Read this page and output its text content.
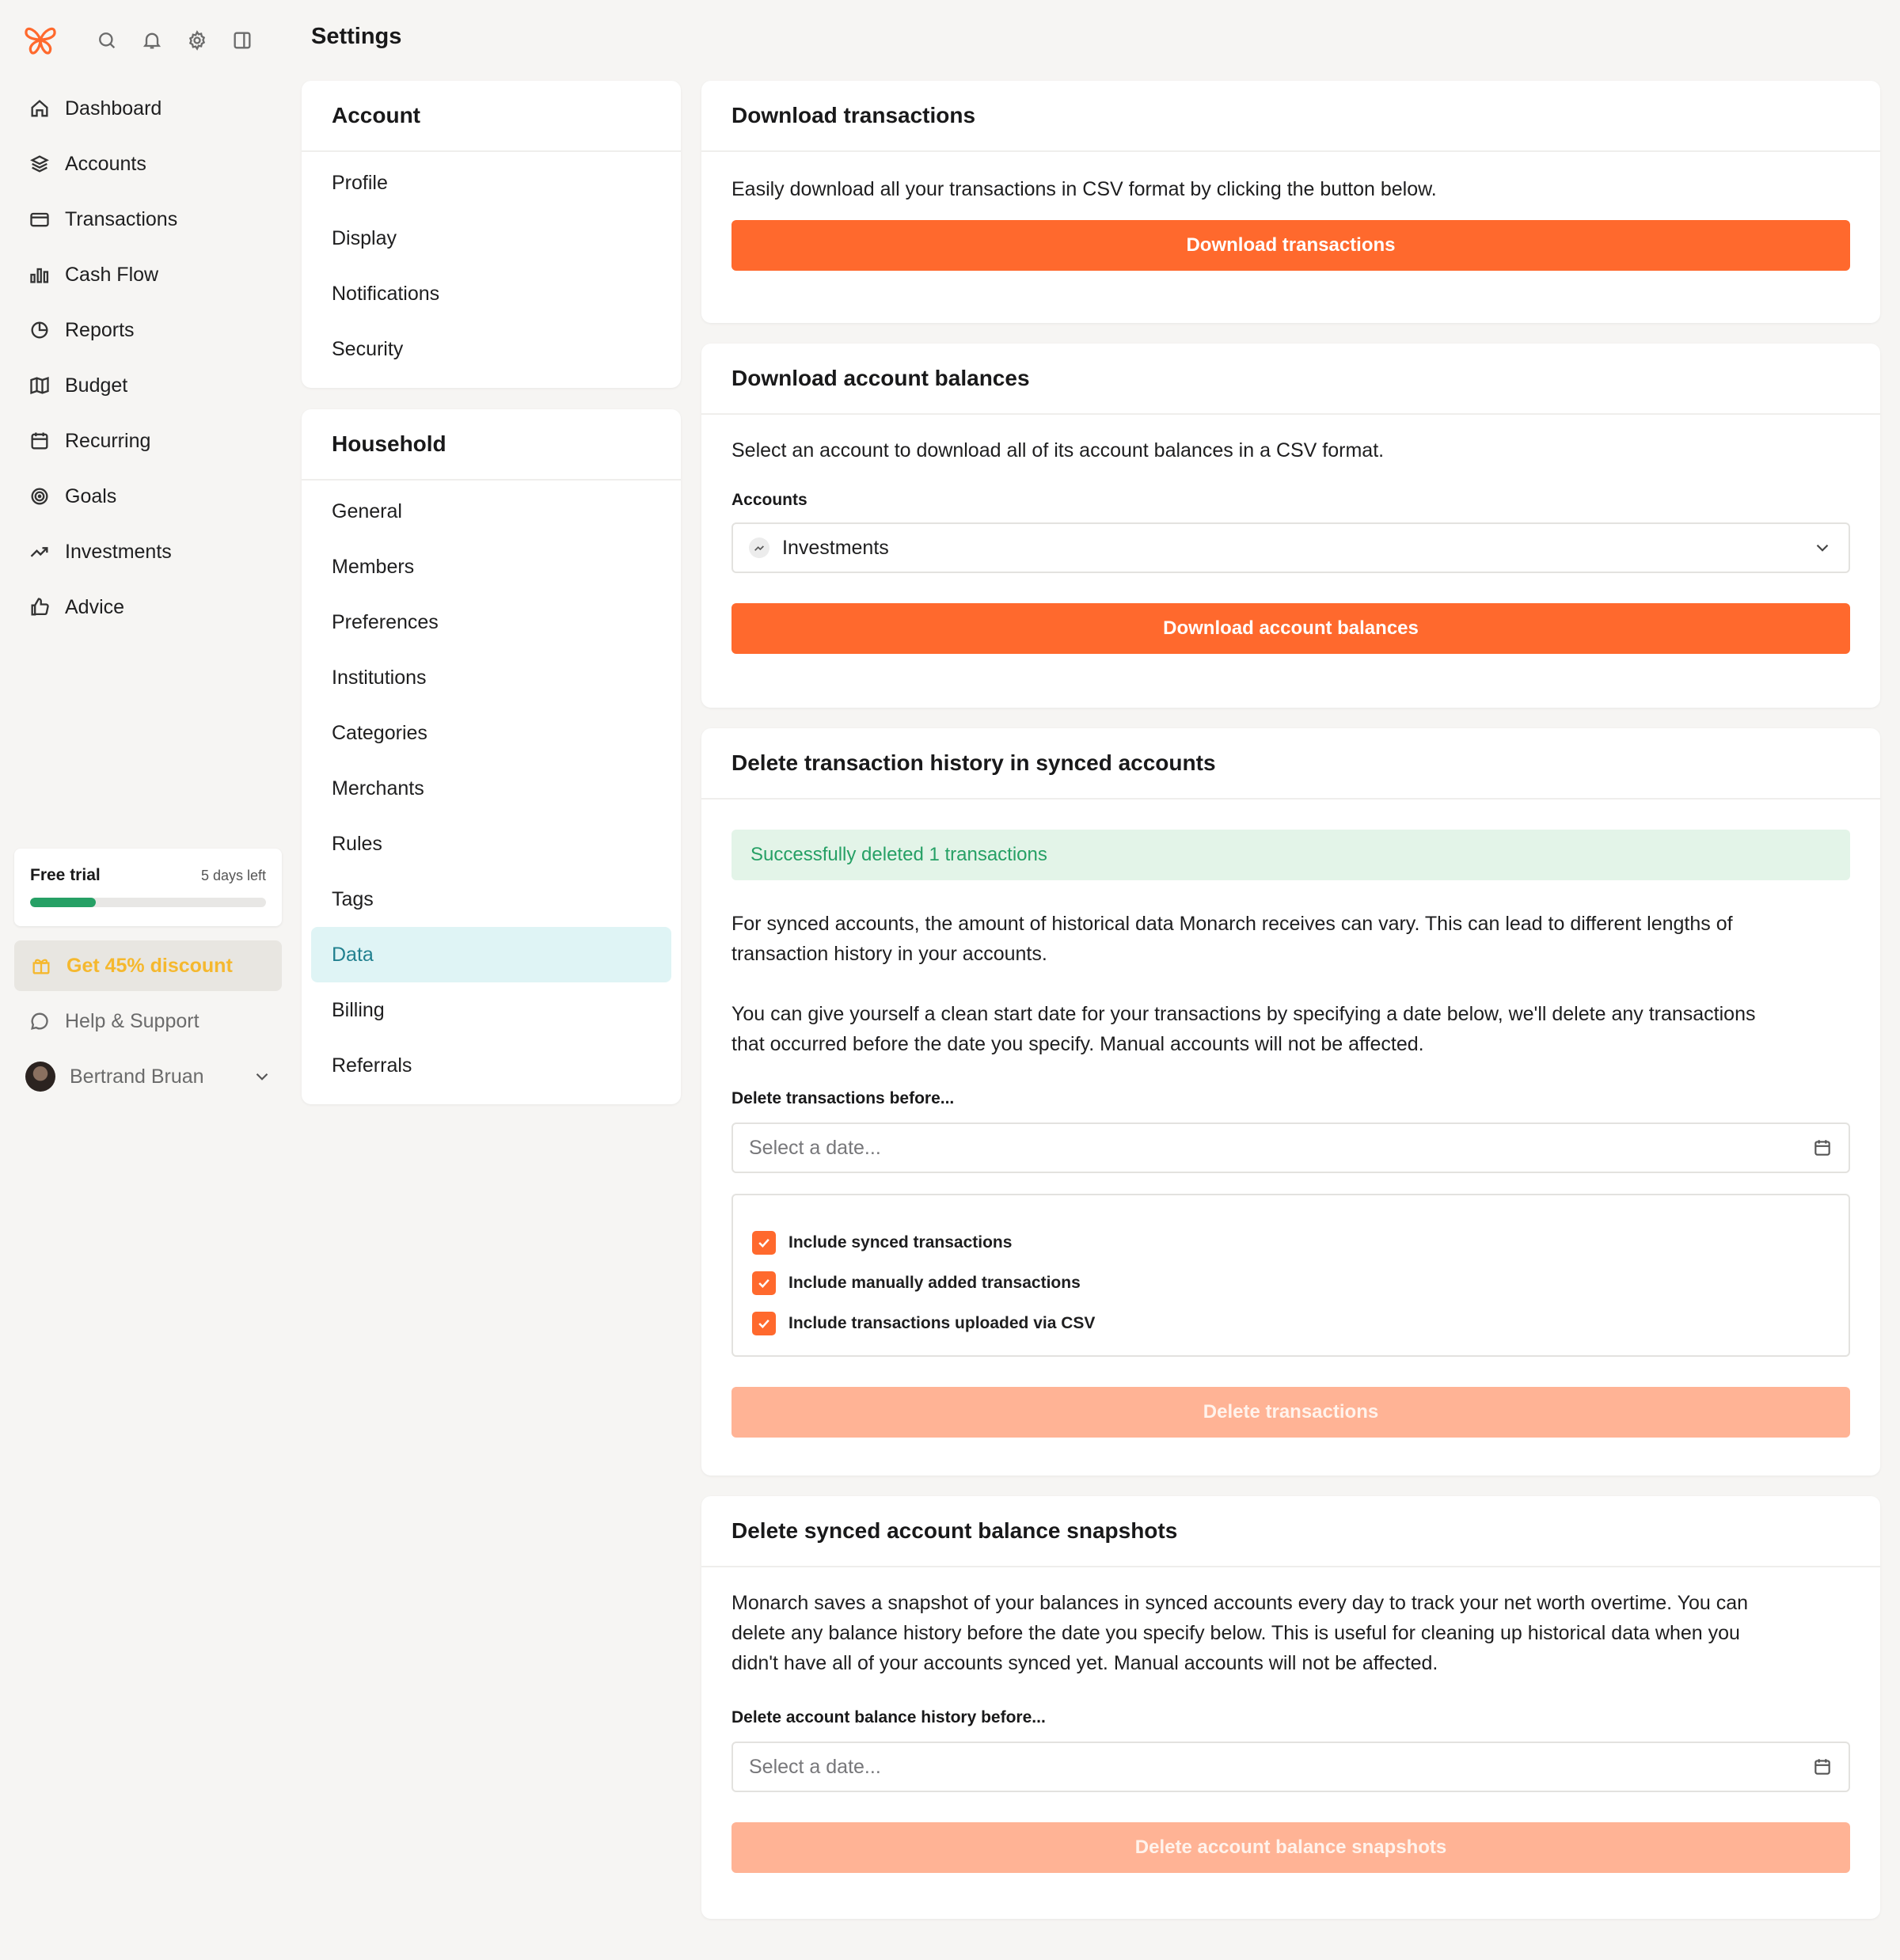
Dashboard
Accounts
Transactions
Cash Flow
Reports
Budget
Recurring
Goals
Investments
Advice
Free trial	5 days left
Get 45% discount
Help & Support
Bertrand Bruan
Settings
Account
Profile
Display
Notifications
Security
Household
General
Members
Preferences
Institutions
Categories
Merchants
Rules
Tags
Data
Billing
Referrals
Download transactions

Easily download all your transactions in CSV format by clicking the button below.

Download transactions
Download account balances

Select an account to download all of its account balances in a CSV format.

Accounts
Investments
Download account balances
Delete transaction history in synced accounts
Successfully deleted 1 transactions
For synced accounts, the amount of historical data Monarch receives can vary. This can lead to different lengths of
transaction history in your accounts.
You can give yourself a clean start date for your transactions by specifying a date below, we'll delete any transactions
that occurred before the date you specify. Manual accounts will not be affected.
Delete transactions before...
Select a date...
Include synced transactions
Include manually added transactions
Include transactions uploaded via CSV
Delete transactions
Delete synced account balance snapshots
Monarch saves a snapshot of your balances in synced accounts every day to track your net worth overtime. You can
delete any balance history before the date you specify below. This is useful for cleaning up historical data when you
didn't have all of your accounts synced yet. Manual accounts will not be affected.
Delete account balance history before...
Select a date...
Delete account balance snapshots
